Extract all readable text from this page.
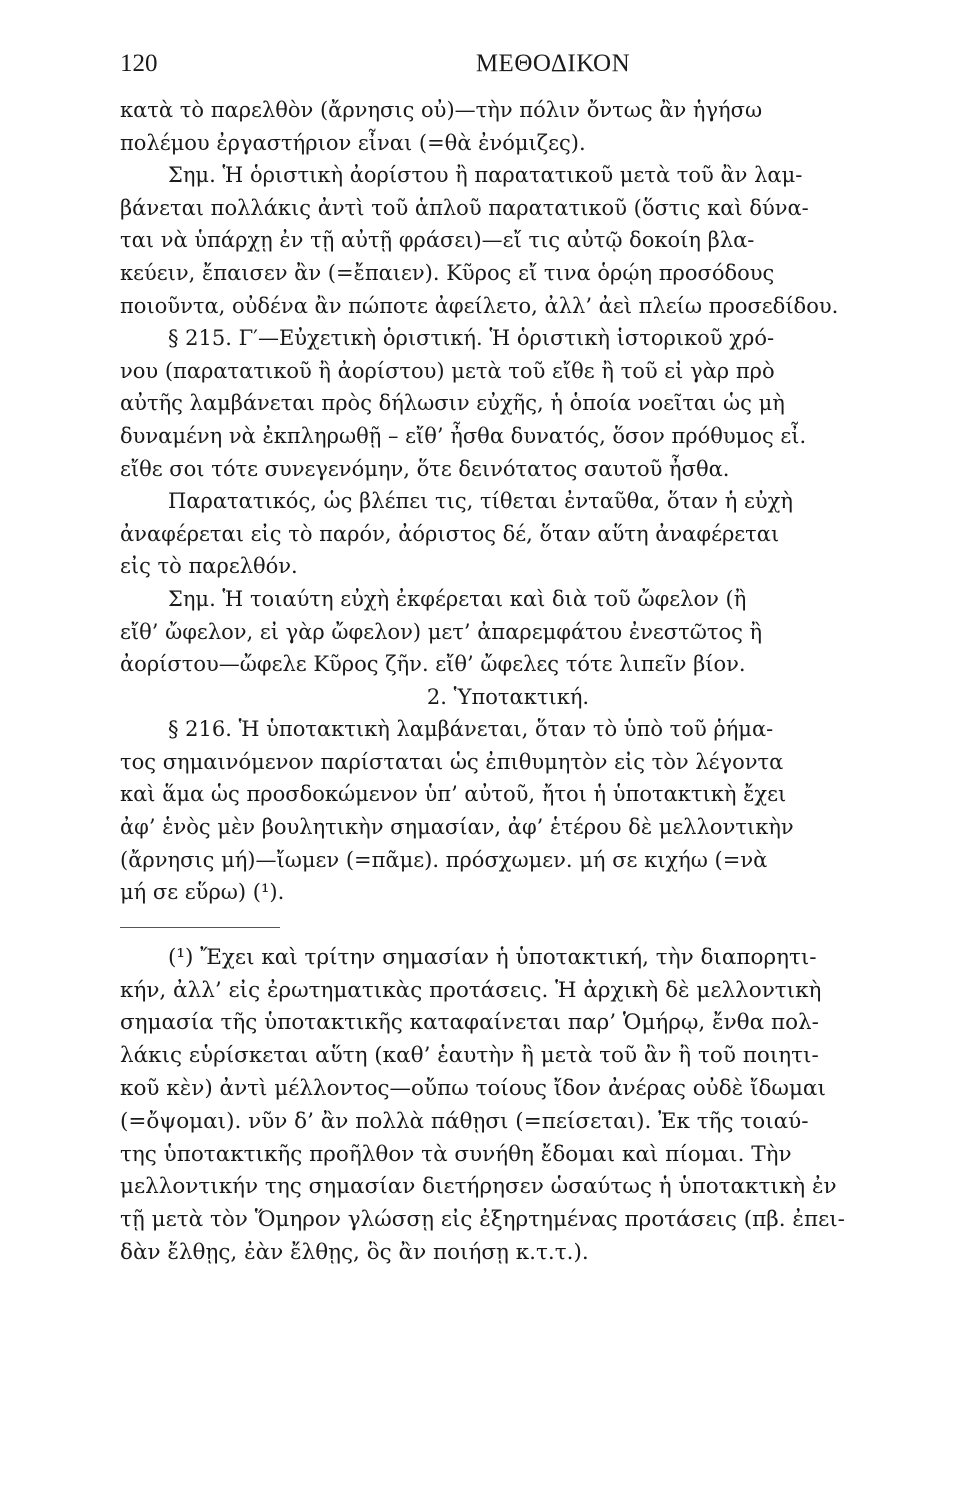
120	ΜΕΘΟΔΙΚΟΝ

κατὰ τὸ παρελθὸν (ἄρνησις οὐ)—τὴν πόλιν ὄντως ἂν ἡγήσω

πολέμου ἐργαστήριον εἶναι (=θὰ ἐνόμιζες).

Σημ. Ἡ ὁριστικὴ ἀορίστου ἢ παρατατικοῦ μετὰ τοῦ ἂν λαμ-

βάνεται πολλάκις ἀντὶ τοῦ ἁπλοῦ παρατατικοῦ (ὅστις καὶ δύνα-

ται νὰ ὑπάρχῃ ἐν τῇ αὐτῇ φράσει)—εἴ τις αὐτῷ δοκοίη βλα-

κεύειν, ἔπαισεν ἂν (=ἔπαιεν). Κῦρος εἴ τινα ὁρῴη προσόδους

ποιοῦντα, οὐδένα ἂν πώποτε ἀφείλετο, ἀλλ’ ἀεὶ πλείω προσεδίδου.

§ 215. Γ′—Εὐχετικὴ ὁριστική. Ἡ ὁριστικὴ ἱστορικοῦ χρό-

νου (παρατατικοῦ ἢ ἀορίστου) μετὰ τοῦ εἴθε ἢ τοῦ εἰ γὰρ πρὸ

αὐτῆς λαμβάνεται πρὸς δήλωσιν εὐχῆς, ἡ ὁποία νοεῖται ὡς μὴ

δυναμένη νὰ ἐκπληρωθῇ – εἴθ’ ἦσθα δυνατός, ὅσον πρόθυμος εἶ.

εἴθε σοι τότε συνεγενόμην, ὅτε δεινότατος σαυτοῦ ἦσθα.

Παρατατικός, ὡς βλέπει τις, τίθεται ἐνταῦθα, ὅταν ἡ εὐχὴ

ἀναφέρεται εἰς τὸ παρόν, ἀόριστος δέ, ὅταν αὕτη ἀναφέρεται

εἰς τὸ παρελθόν.

Σημ. Ἡ τοιαύτη εὐχὴ ἐκφέρεται καὶ διὰ τοῦ ὤφελον (ἢ

εἴθ’ ὤφελον, εἰ γὰρ ὤφελον) μετ’ ἀπαρεμφάτου ἐνεστῶτος ἢ

ἀορίστου—ὤφελε Κῦρος ζῆν. εἴθ’ ὤφελες τότε λιπεῖν βίον.

2. Ὑποτακτική.

§ 216. Ἡ ὑποτακτικὴ λαμβάνεται, ὅταν τὸ ὑπὸ τοῦ ῥήμα-

τος σημαινόμενον παρίσταται ὡς ἐπιθυμητὸν εἰς τὸν λέγοντα

καὶ ἅμα ὡς προσδοκώμενον ὑπ’ αὐτοῦ, ἤτοι ἡ ὑποτακτικὴ ἔχει

ἀφ’ ἑνὸς μὲν βουλητικὴν σημασίαν, ἀφ’ ἑτέρου δὲ μελλοντικὴν

(ἄρνησις μή)—ἴωμεν (=πᾶμε). πρόσχωμεν. μή σε κιχήω (=νὰ

μή σε εὕρω) (¹).

(¹) Ἔχει καὶ τρίτην σημασίαν ἡ ὑποτακτική, τὴν διαπορητι-

κήν, ἀλλ’ εἰς ἐρωτηματικὰς προτάσεις. Ἡ ἀρχικὴ δὲ μελλοντικὴ

σημασία τῆς ὑποτακτικῆς καταφαίνεται παρ’ Ὁμήρῳ, ἔνθα πολ-

λάκις εὑρίσκεται αὕτη (καθ’ ἑαυτὴν ἢ μετὰ τοῦ ἂν ἢ τοῦ ποιητι-

κοῦ κὲν) ἀντὶ μέλλοντος—οὔπω τοίους ἴδον ἀνέρας οὐδὲ ἴδωμαι

(=ὄψομαι). νῦν δ’ ἂν πολλὰ πάθῃσι (=πείσεται). Ἐκ τῆς τοιαύ-

της ὑποτακτικῆς προῆλθον τὰ συνήθη ἔδομαι καὶ πίομαι. Τὴν

μελλοντικήν της σημασίαν διετήρησεν ὡσαύτως ἡ ὑποτακτικὴ ἐν

τῇ μετὰ τὸν Ὅμηρον γλώσσῃ εἰς ἐξηρτημένας προτάσεις (πβ. ἐπει-

δὰν ἔλθῃς, ἐὰν ἔλθῃς, ὃς ἂν ποιήσῃ κ.τ.τ.).
